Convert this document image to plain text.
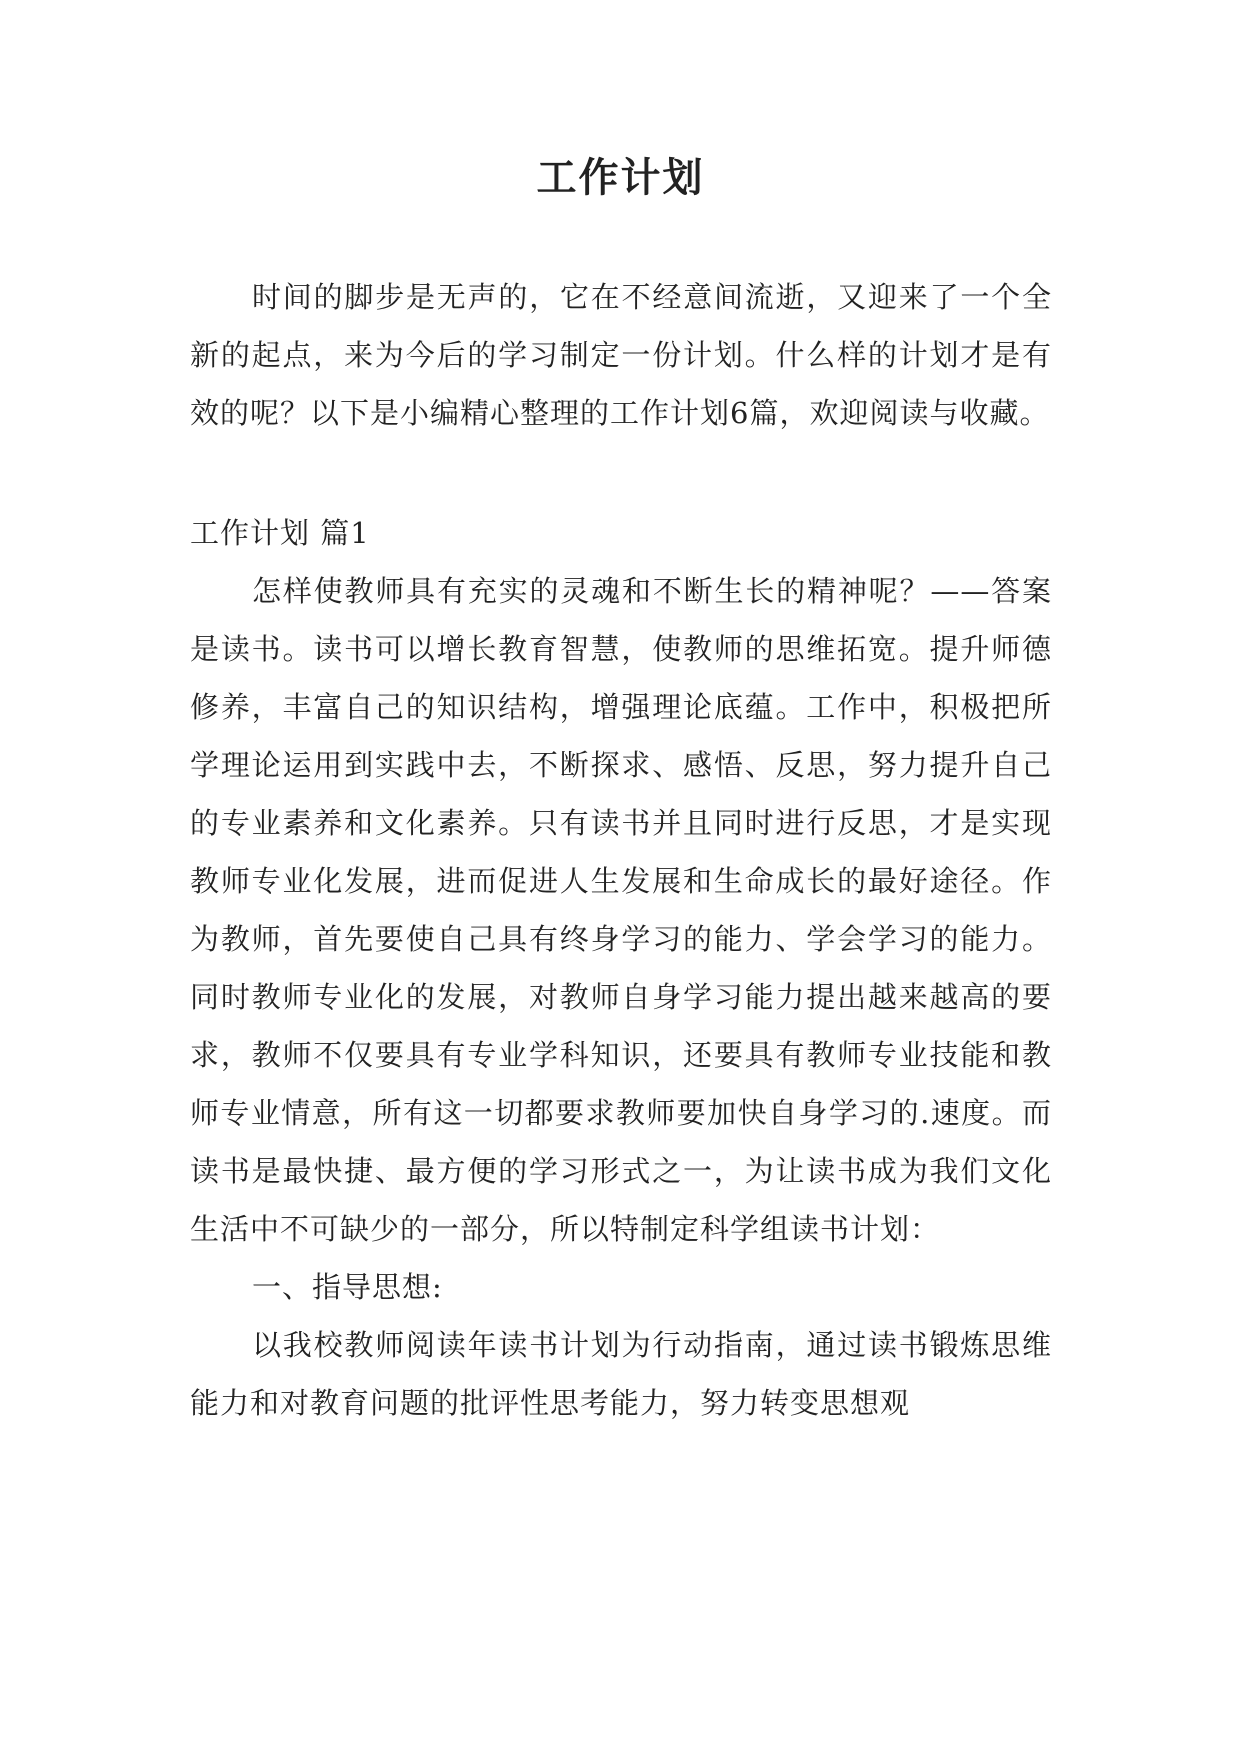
工作计划

时间的脚步是无声的，它在不经意间流逝，又迎来了一个全新的起点，来为今后的学习制定一份计划。什么样的计划才是有效的呢？以下是小编精心整理的工作计划6篇，欢迎阅读与收藏。

工作计划 篇1

怎样使教师具有充实的灵魂和不断生长的精神呢？——答案是读书。读书可以增长教育智慧，使教师的思维拓宽。提升师德修养，丰富自己的知识结构，增强理论底蕴。工作中，积极把所学理论运用到实践中去，不断探求、感悟、反思，努力提升自己的专业素养和文化素养。只有读书并且同时进行反思，才是实现教师专业化发展，进而促进人生发展和生命成长的最好途径。作为教师，首先要使自己具有终身学习的能力、学会学习的能力。同时教师专业化的发展，对教师自身学习能力提出越来越高的要求，教师不仅要具有专业学科知识，还要具有教师专业技能和教师专业情意，所有这一切都要求教师要加快自身学习的.速度。而读书是最快捷、最方便的学习形式之一，为让读书成为我们文化生活中不可缺少的一部分，所以特制定科学组读书计划：

一、指导思想:

以我校教师阅读年读书计划为行动指南，通过读书锻炼思维能力和对教育问题的批评性思考能力，努力转变思想观
